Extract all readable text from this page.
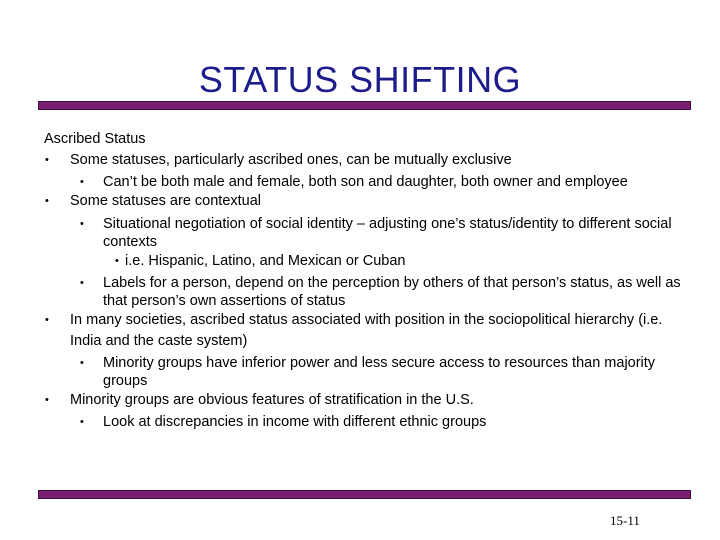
STATUS SHIFTING
Ascribed Status
• Some statuses, particularly ascribed ones, can be mutually exclusive
• Can’t be both male and female, both son and daughter, both owner and employee
• Some statuses are contextual
• Situational negotiation of social identity – adjusting one’s status/identity to different social contexts
• i.e. Hispanic, Latino, and Mexican or Cuban
• Labels for a person, depend on the perception by others of that person’s status, as well as that person’s own assertions of status
• In many societies, ascribed status associated with position in the sociopolitical hierarchy (i.e. India and the caste system)
• Minority groups have inferior power and less secure access to resources than majority groups
• Minority groups are obvious features of stratification in the U.S.
• Look at discrepancies in income with different ethnic groups
15-11
